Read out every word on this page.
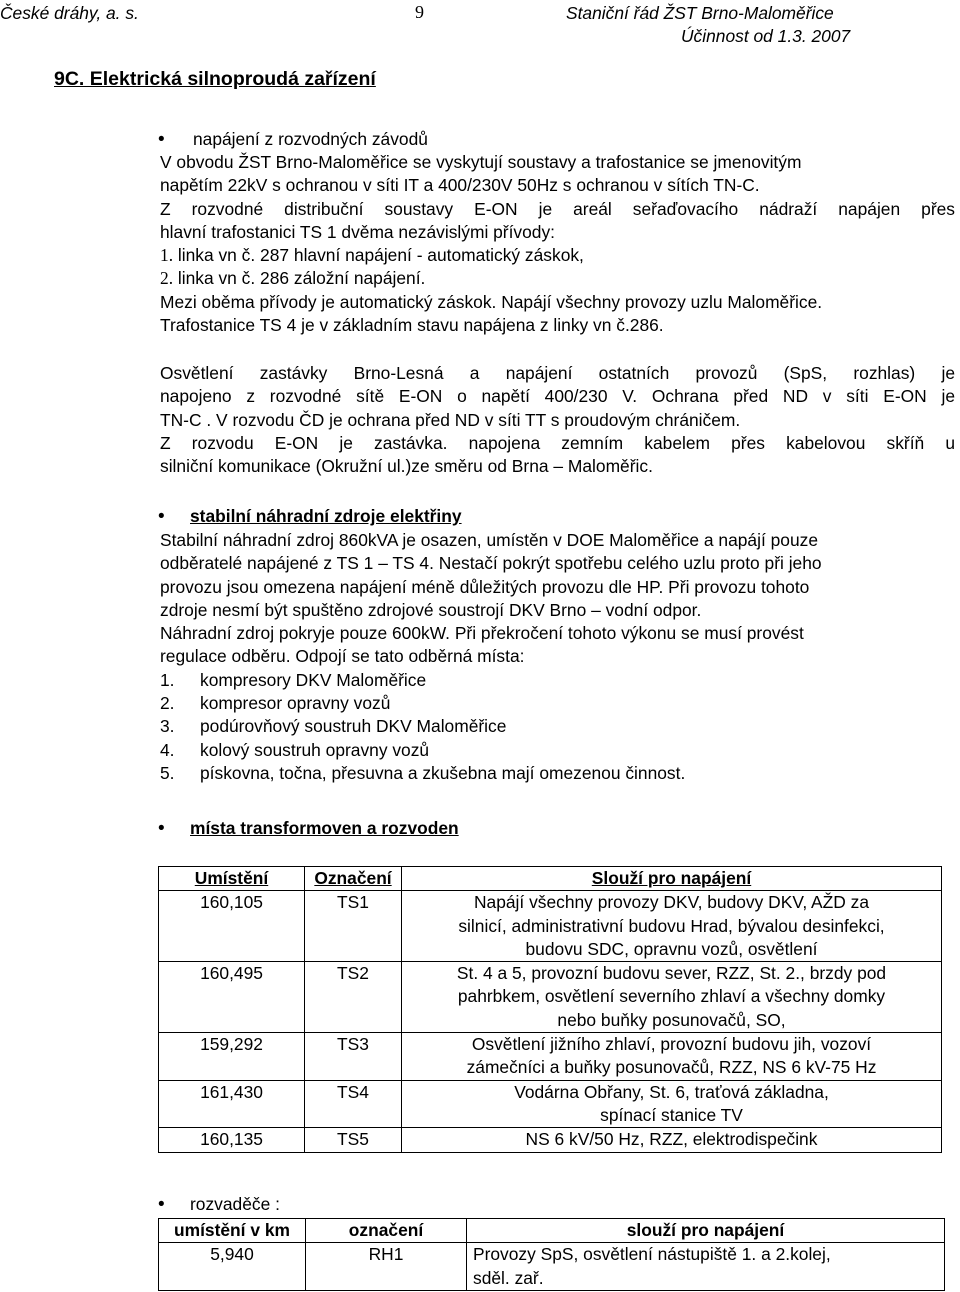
České dráhy, a. s.	9	Staniční řád ŽST Brno-Maloměřice
Účinnost od 1.3. 2007
9C. Elektrická silnoproudá zařízení
• napájení z rozvodných závodů
V obvodu ŽST Brno-Maloměřice se vyskytují soustavy a trafostanice se jmenovitým
napětím 22kV s ochranou v síti IT a 400/230V 50Hz s ochranou v sítích TN-C.
Z rozvodné distribuční soustavy E-ON je areál seřaďovacího nádraží napájen přes
hlavní trafostanici TS 1 dvěma nezávislými přívody:
1. linka vn č. 287 hlavní napájení - automatický záskok,
2. linka vn č. 286 záložní napájení.
Mezi oběma přívody je automatický záskok. Napájí všechny provozy uzlu Maloměřice.
Trafostanice TS 4 je v základním stavu napájena z linky vn č.286.
Osvětlení zastávky Brno-Lesná a napájení ostatních provozů (SpS, rozhlas) je
napojeno z rozvodné sítě E-ON o napětí 400/230 V. Ochrana před ND v síti E-ON je
TN-C . V rozvodu ČD je ochrana před ND v síti TT s proudovým chráničem.
Z rozvodu E-ON je zastávka. napojena zemním kabelem přes kabelovou skříň u
silniční komunikace (Okružní ul.)ze směru od Brna – Maloměřic.
• stabilní náhradní zdroje elektřiny
Stabilní náhradní zdroj 860kVA je osazen, umístěn v DOE Maloměřice a napájí pouze
odběratelé napájené z TS 1 – TS 4. Nestačí pokrýt spotřebu celého uzlu proto při jeho
provozu jsou omezena napájení méně důležitých provozu dle HP. Při provozu tohoto
zdroje nesmí být spuštěno zdrojové soustrojí DKV Brno – vodní odpor.
Náhradní zdroj pokryje pouze 600kW. Při překročení tohoto výkonu se musí provést
regulace odběru. Odpojí se tato odběrná místa:
1. kompresory DKV Maloměřice
2. kompresor opravny vozů
3. podúrovňový soustruh DKV Maloměřice
4. kolový soustruh opravny vozů
5. pískovna, točna, přesuvna a zkušebna mají omezenou činnost.
• místa transformoven a rozvoden
Umístění	Označení	Slouží pro napájení
160,105	TS1	Napájí všechny provozy DKV, budovy DKV, AŽD za
silnicí, administrativní budovu Hrad, bývalou desinfekci,
budovu SDC, opravnu vozů, osvětlení

160,495	TS2	St. 4 a 5, provozní budovu sever, RZZ, St. 2., brzdy pod
pahrbkem, osvětlení severního zhlaví a všechny domky
nebo buňky posunovačů, SO,

159,292	TS3	Osvětlení jižního zhlaví, provozní budovu jih, vozoví
zámečníci a buňky posunovačů, RZZ, NS 6 kV-75 Hz

161,430	TS4	Vodárna Obřany, St. 6, traťová základna,
spínací stanice TV

160,135	TS5	NS 6 kV/50 Hz, RZZ, elektrodispečink
• rozvaděče :
umístění v km	označení	slouží pro napájení
5,940	RH1	Provozy SpS, osvětlení nástupiště 1. a 2.kolej,
sděl. zař.
